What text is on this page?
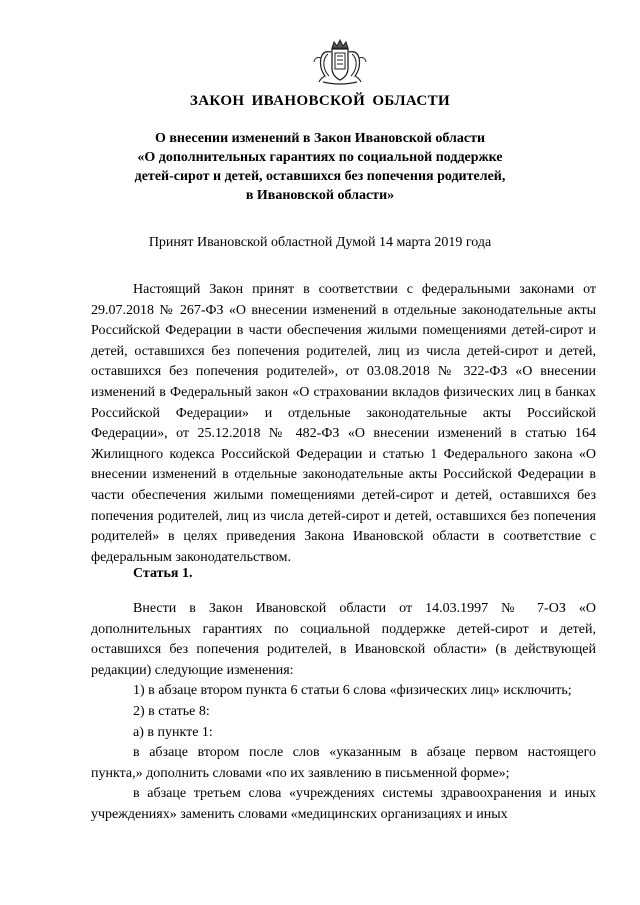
ЗАКОН ИВАНОВСКОЙ ОБЛАСТИ
О внесении изменений в Закон Ивановской области
«О дополнительных гарантиях по социальной поддержке
детей-сирот и детей, оставшихся без попечения родителей,
в Ивановской области»
Принят Ивановской областной Думой 14 марта 2019 года

Настоящий Закон принят в соответствии с федеральными законами от 29.07.2018 № 267-ФЗ «О внесении изменений в отдельные законодательные акты Российской Федерации в части обеспечения жилыми помещениями детей-сирот и детей, оставшихся без попечения родителей, лиц из числа детей-сирот и детей, оставшихся без попечения родителей», от 03.08.2018 № 322-ФЗ «О внесении изменений в Федеральный закон «О страховании вкладов физических лиц в банках Российской Федерации» и отдельные законодательные акты Российской Федерации», от 25.12.2018 № 482-ФЗ «О внесении изменений в статью 164 Жилищного кодекса Российской Федерации и статью 1 Федерального закона «О внесении изменений в отдельные законодательные акты Российской Федерации в части обеспечения жилыми помещениями детей-сирот и детей, оставшихся без попечения родителей, лиц из числа детей-сирот и детей, оставшихся без попечения родителей» в целях приведения Закона Ивановской области в соответствие с федеральным законодательством.

Статья 1.

Внести в Закон Ивановской области от 14.03.1997 № 7-ОЗ «О дополнительных гарантиях по социальной поддержке детей-сирот и детей, оставшихся без попечения родителей, в Ивановской области» (в действующей редакции) следующие изменения:

1) в абзаце втором пункта 6 статьи 6 слова «физических лиц» исключить;

2) в статье 8:

а) в пункте 1:

в абзаце втором после слов «указанным в абзаце первом настоящего пункта,» дополнить словами «по их заявлению в письменной форме»;

в абзаце третьем слова «учреждениях системы здравоохранения и иных учреждениях» заменить словами «медицинских организациях и иных
